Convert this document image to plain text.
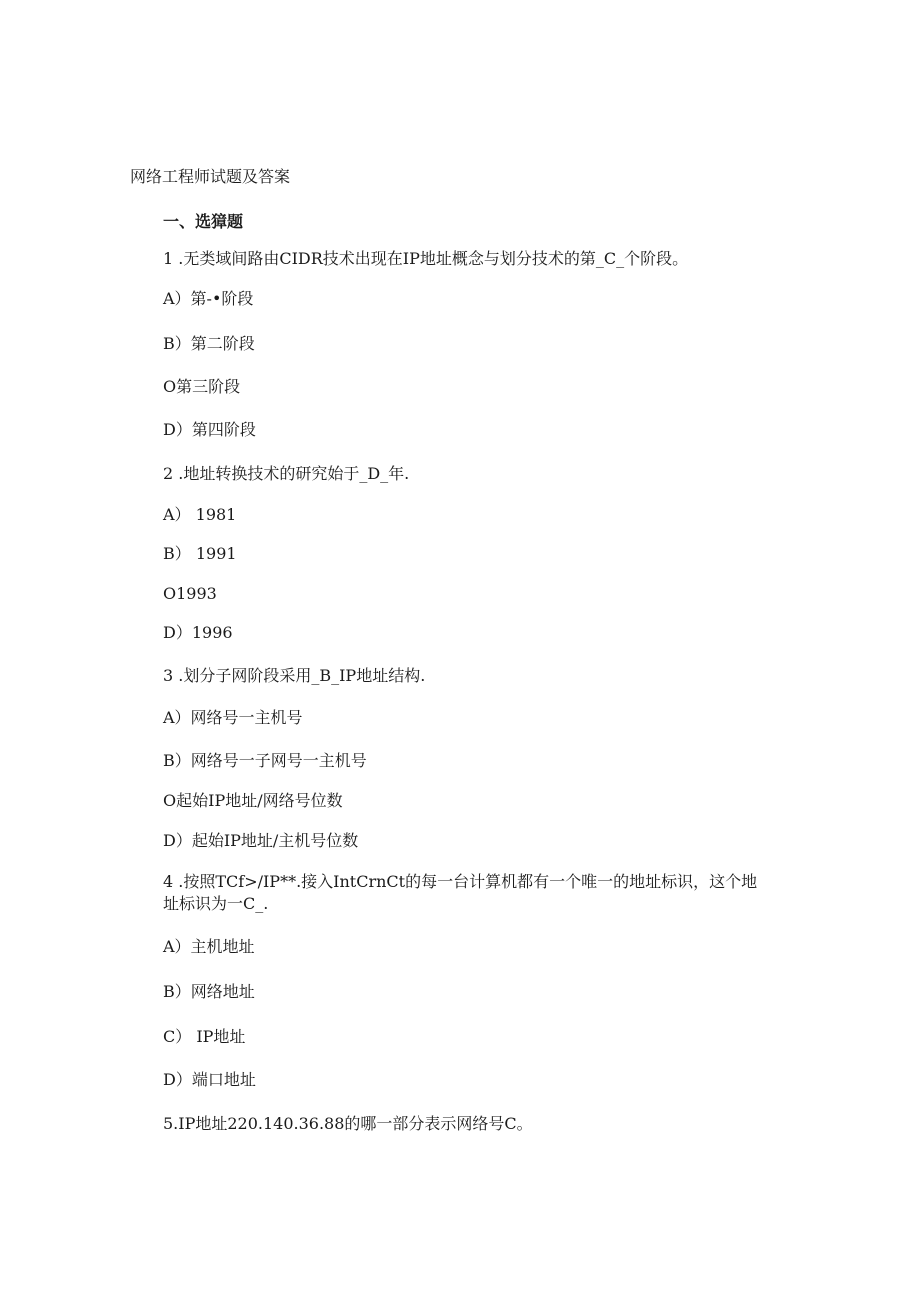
网络工程师试题及答案
一、选獐题
1 .无类域间路由CIDR技术出现在IP地址概念与划分技术的第_C_个阶段。
A）第-•阶段
B）第二阶段
O第三阶段
D）第四阶段
2 .地址转换技术的研究始于_D_年.
A） 1981
B） 1991
O1993
D）1996
3 .划分子网阶段采用_B_IP地址结构.
A）网络号一主机号
B）网络号一子网号一主机号
O起始IP地址/网络号位数
D）起始IP地址/主机号位数
4 .按照TCf>/IP**.接入IntCrnCt的每一台计算机都有一个唯一的地址标识，这个地
址标识为一C_.
A）主机地址
B）网络地址
C） IP地址
D）端口地址
5.IP地址220.140.36.88的哪一部分表示网络号C。
